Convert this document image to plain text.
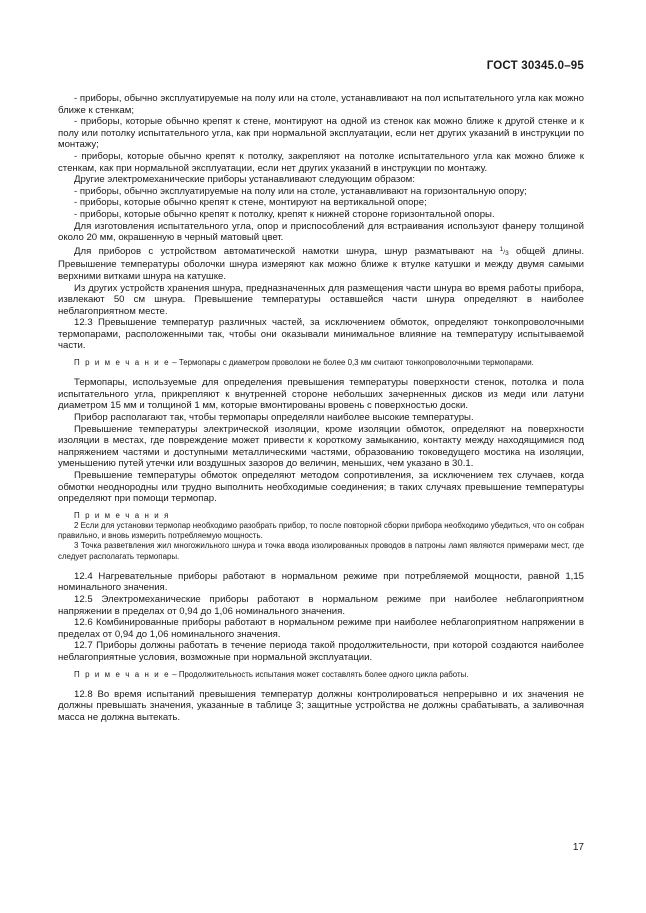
ГОСТ 30345.0–95

- приборы, обычно эксплуатируемые на полу или на столе, устанавливают на пол испытательного угла как можно ближе к стенкам;

- приборы, которые обычно крепят к стене, монтируют на одной из стенок как можно ближе к другой стенке и к полу или потолку испытательного угла, как при нормальной эксплуатации, если нет других указаний в инструкции по монтажу;

- приборы, которые обычно крепят к потолку, закрепляют на потолке испытательного угла как можно ближе к стенкам, как при нормальной эксплуатации, если нет других указаний в инструкции по монтажу.

Другие электромеханические приборы устанавливают следующим образом:

- приборы, обычно эксплуатируемые на полу или на столе, устанавливают на горизонтальную опору;

- приборы, которые обычно крепят к стене, монтируют на вертикальной опоре;

- приборы, которые обычно крепят к потолку, крепят к нижней стороне горизонтальной опоры.

Для изготовления испытательного угла, опор и приспособлений для встраивания используют фанеру толщиной около 20 мм, окрашенную в черный матовый цвет.

Для приборов с устройством автоматической намотки шнура, шнур разматывают на $^1/_3$ общей длины. Превышение температуры оболочки шнура измеряют как можно ближе к втулке катушки и между двумя самыми верхними витками шнура на катушке.

Из других устройств хранения шнура, предназначенных для размещения части шнура во время работы прибора, извлекают 50 см шнура. Превышение температуры оставшейся части шнура определяют в наиболее неблагоприятном месте.

12.3 Превышение температур различных частей, за исключением обмоток, определяют тонкопроволочными термопарами, расположенными так, чтобы они оказывали минимальное влияние на температуру испытываемой части.

П р и м е ч а н и е – Термопары с диаметром проволоки не более 0,3 мм считают тонкопроволочными термопарами.

Термопары, используемые для определения превышения температуры поверхности стенок, потолка и пола испытательного угла, прикрепляют к внутренней стороне небольших зачерненных дисков из меди или латуни диаметром 15 мм и толщиной 1 мм, которые вмонтированы вровень с поверхностью доски.

Прибор располагают так, чтобы термопары определяли наиболее высокие температуры.

Превышение температуры электрической изоляции, кроме изоляции обмоток, определяют на поверхности изоляции в местах, где повреждение может привести к короткому замыканию, контакту между находящимися под напряжением частями и доступными металлическими частями, образованию токоведущего мостика на изоляции, уменьшению путей утечки или воздушных зазоров до величин, меньших, чем указано в 30.1.

Превышение температуры обмоток определяют методом сопротивления, за исключением тех случаев, когда обмотки неоднородны или трудно выполнить необходимые соединения; в таких случаях превышение температуры определяют при помощи термопар.

П р и м е ч а н и я

2 Если для установки термопар необходимо разобрать прибор, то после повторной сборки прибора необходимо убедиться, что он собран правильно, и вновь измерить потребляемую мощность.

3 Точка разветвления жил многожильного шнура и точка ввода изолированных проводов в патроны ламп являются примерами мест, где следует располагать термопары.

12.4 Нагревательные приборы работают в нормальном режиме при потребляемой мощности, равной 1,15 номинального значения.

12.5 Электромеханические приборы работают в нормальном режиме при наиболее неблагоприятном напряжении в пределах от 0,94 до 1,06 номинального значения.

12.6 Комбинированные приборы работают в нормальном режиме при наиболее неблагоприятном напряжении в пределах от 0,94 до 1,06 номинального значения.

12.7 Приборы должны работать в течение периода такой продолжительности, при которой создаются наиболее неблагоприятные условия, возможные при нормальной эксплуатации.

П р и м е ч а н и е – Продолжительность испытания может составлять более одного цикла работы.

12.8 Во время испытаний превышения температур должны контролироваться непрерывно и их значения не должны превышать значения, указанные в таблице 3; защитные устройства не должны срабатывать, а заливочная масса не должна вытекать.

17
